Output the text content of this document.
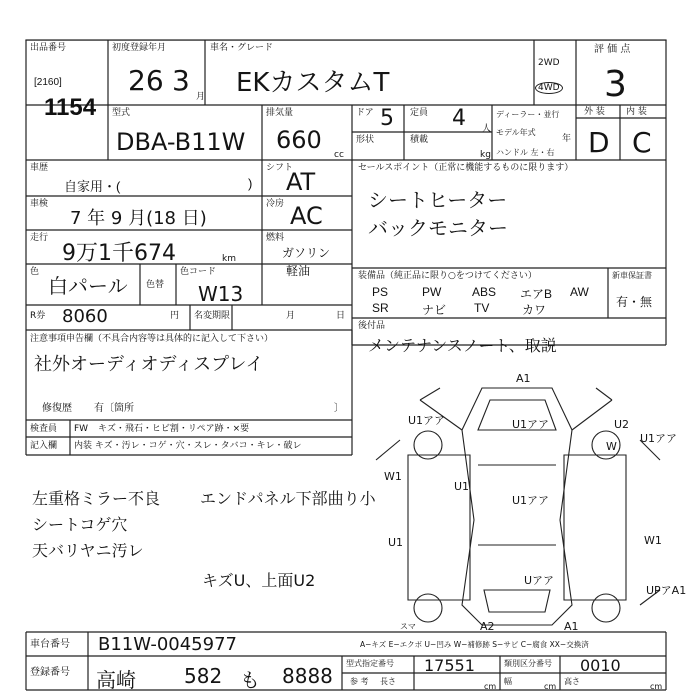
出品番号
[2160]
1154
初度登録年月
26 3 月
車名・グレード
EKカスタムT
2WD
4WD
評 価 点
3
外 装 内 装
D C
型式
DBA-B11W
排気量
660
cc
ドア 5
形状
定員 4 人
積載
kg
ディーラー・並行
モデル年式
年
ハンドル 左・右
車歴
自家用・(	)
車検
7 年 9 月(18 日)
走行
9万1千674	km
色
白パール 色替
色コード
W13
シフト
AT
冷房 AC
燃料
ガソリン
軽油
R券 8060	円 名変期限	月	日
セールスポイント（正常に機能するものに限ります）
シートヒーター
バックモニター
装備品（純正品に限り○をつけてください）
PS	PW	ABS エアB AW
SR	ナビ TV	カワ
新車保証書
有・無
後付品
メンテナンスノート、取説
注意事項申告欄（不具合内容等は具体的に記入して下さい）
社外オーディオディスプレイ
修復歴 有〔箇所	〕
検査員
記入欄
FW キズ・飛石・ヒビ割・リペア跡・×要
内装 キズ・汚レ・コゲ・穴・スレ・タバコ・キレ・破レ
左重格ミラー不良 エンドパネル下部曲り小
シートコゲ穴
天バリヤニ汚レ
キズU、上面U2
A1
U1アア
U1アア	U2
W
U1
U1アア
U1	W1
U1アア
UPアA1
A2	A1
Uアア
W1
スマ
A−キズ E−エクボ U−凹み W−補修跡 S−サビ C−腐食 XX−交換済
車台番号 B11W-0045977
登録番号 高崎 582 も 8888
型式指定番号 17551	類別区分番号 0010
参 考 長さ
cm
幅
cm
高さ
cm
